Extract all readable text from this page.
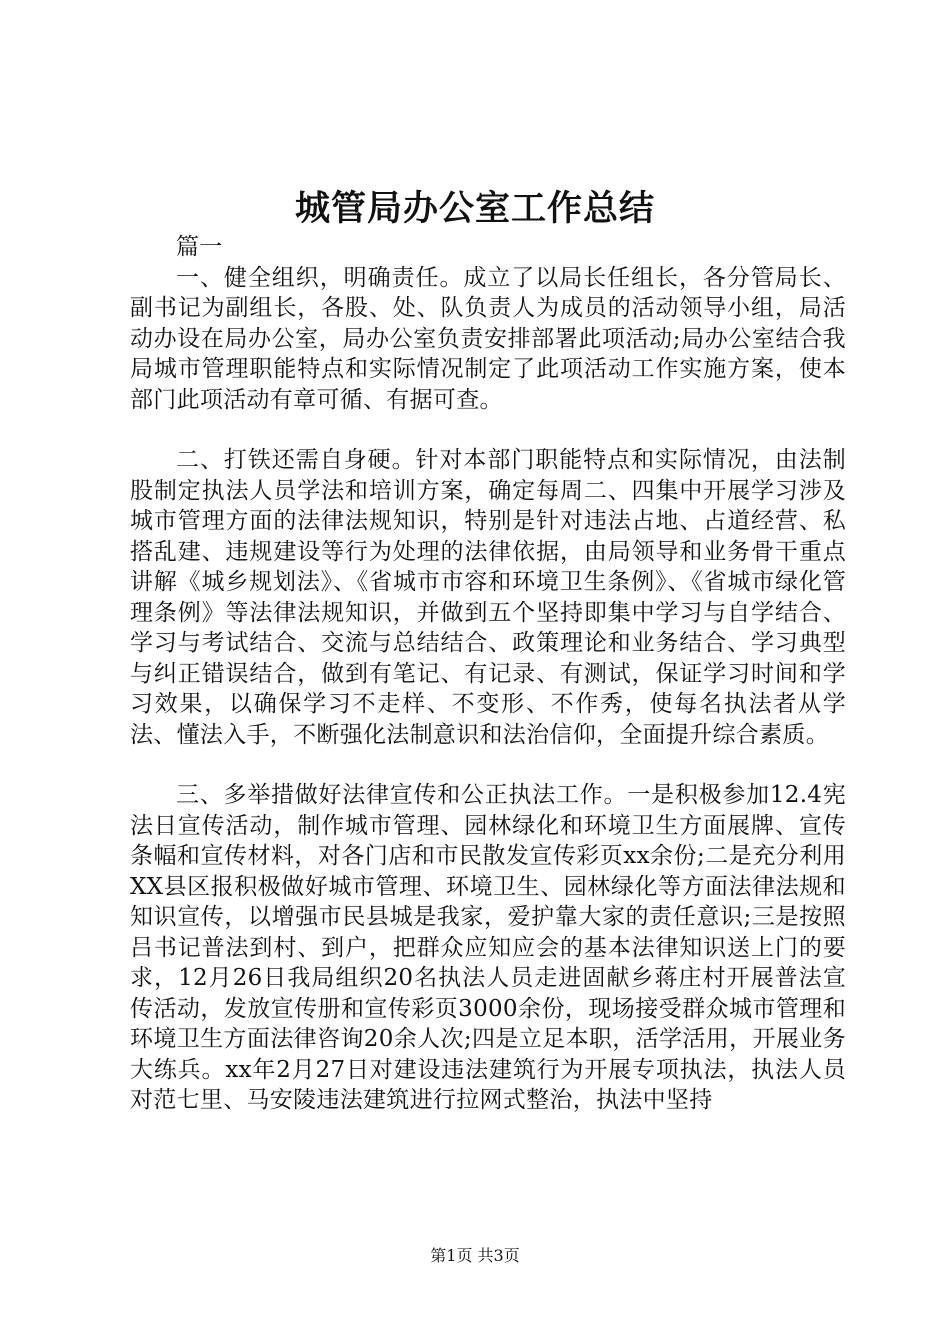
城管局办公室工作总结

篇一

一、健全组织，明确责任。成立了以局长任组长，各分管局长、副书记为副组长，各股、处、队负责人为成员的活动领导小组，局活动办设在局办公室，局办公室负责安排部署此项活动;局办公室结合我局城市管理职能特点和实际情况制定了此项活动工作实施方案，使本部门此项活动有章可循、有据可查。

二、打铁还需自身硬。针对本部门职能特点和实际情况，由法制股制定执法人员学法和培训方案，确定每周二、四集中开展学习涉及城市管理方面的法律法规知识，特别是针对违法占地、占道经营、私搭乱建、违规建设等行为处理的法律依据，由局领导和业务骨干重点讲解《城乡规划法》、《省城市市容和环境卫生条例》、《省城市绿化管理条例》等法律法规知识，并做到五个坚持即集中学习与自学结合、学习与考试结合、交流与总结结合、政策理论和业务结合、学习典型与纠正错误结合，做到有笔记、有记录、有测试，保证学习时间和学习效果，以确保学习不走样、不变形、不作秀，使每名执法者从学法、懂法入手，不断强化法制意识和法治信仰，全面提升综合素质。

三、多举措做好法律宣传和公正执法工作。一是积极参加12.4宪法日宣传活动，制作城市管理、园林绿化和环境卫生方面展牌、宣传条幅和宣传材料，对各门店和市民散发宣传彩页xx余份;二是充分利用XX县区报积极做好城市管理、环境卫生、园林绿化等方面法律法规和知识宣传，以增强市民县城是我家，爱护靠大家的责任意识;三是按照吕书记普法到村、到户，把群众应知应会的基本法律知识送上门的要求，12月26日我局组织20名执法人员走进固献乡蒋庄村开展普法宣传活动，发放宣传册和宣传彩页3000余份，现场接受群众城市管理和环境卫生方面法律咨询20余人次;四是立足本职，活学活用，开展业务大练兵。xx年2月27日对建设违法建筑行为开展专项执法，执法人员对范七里、马安陵违法建筑进行拉网式整治，执法中坚持

第1页 共3页
